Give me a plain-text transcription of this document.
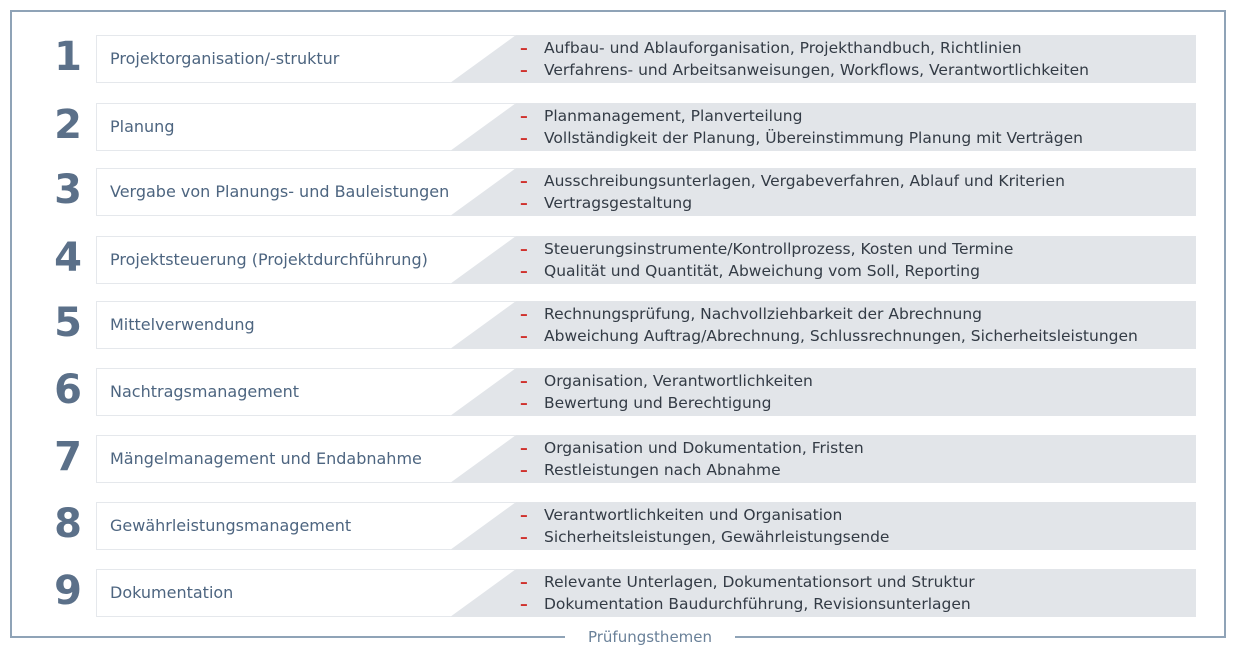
1	Projektorganisation/-struktur
– Aufbau- und Ablauforganisation, Projekthandbuch, Richtlinien
– Verfahrens- und Arbeitsanweisungen, Workflows, Verantwortlichkeiten
2	Planung
– Planmanagement, Planverteilung
– Vollständigkeit der Planung, Übereinstimmung Planung mit Verträgen
3	Vergabe von Planungs- und Bauleistungen
– Ausschreibungsunterlagen, Vergabeverfahren, Ablauf und Kriterien
– Vertragsgestaltung
4	Projektsteuerung (Projektdurchführung)
– Steuerungsinstrumente/Kontrollprozess, Kosten und Termine
– Qualität und Quantität, Abweichung vom Soll, Reporting
5	Mittelverwendung
– Rechnungsprüfung, Nachvollziehbarkeit der Abrechnung
– Abweichung Auftrag/Abrechnung, Schlussrechnungen, Sicherheitsleistungen
6	Nachtragsmanagement
– Organisation, Verantwortlichkeiten
– Bewertung und Berechtigung
7	Mängelmanagement und Endabnahme
– Organisation und Dokumentation, Fristen
– Restleistungen nach Abnahme
8	Gewährleistungsmanagement
– Verantwortlichkeiten und Organisation
– Sicherheitsleistungen, Gewährleistungsende
9	Dokumentation
– Relevante Unterlagen, Dokumentationsort und Struktur
– Dokumentation Baudurchführung, Revisionsunterlagen
Prüfungsthemen
